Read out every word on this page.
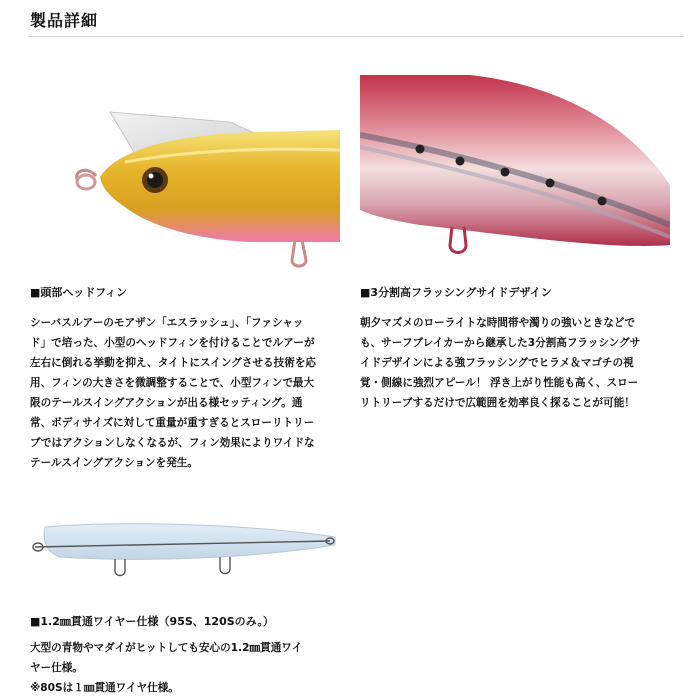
製品詳細
■頭部ヘッドフィン
シーバスルアーのモアザン「エスラッシュ」、「ファシャッ
ド」で培った、小型のヘッドフィンを付けることでルアーが
左右に倒れる挙動を抑え、タイトにスイングさせる技術を応
用、フィンの大きさを微調整することで、小型フィンで最大
限のテールスイングアクションが出る様セッティング。通
常、ボディサイズに対して重量が重すぎるとスローリトリー
ブではアクションしなくなるが、フィン効果によりワイドな
テールスイングアクションを発生。
■3分割高フラッシングサイドデザイン
朝夕マズメのローライトな時間帯や濁りの強いときなどで
も、サーフブレイカーから継承した3分割高フラッシングサ
イドデザインによる強フラッシングでヒラメ＆マゴチの視
覚・側線に強烈アピール！ 浮き上がり性能も高く、スロー
リトリーブするだけで広範囲を効率良く探ることが可能！
■1.2㎜貫通ワイヤー仕様（95S、120Sのみ。）
大型の青物やマダイがヒットしても安心の1.2㎜貫通ワイ
ヤー仕様。
※80Sは１㎜貫通ワイヤ仕様。
